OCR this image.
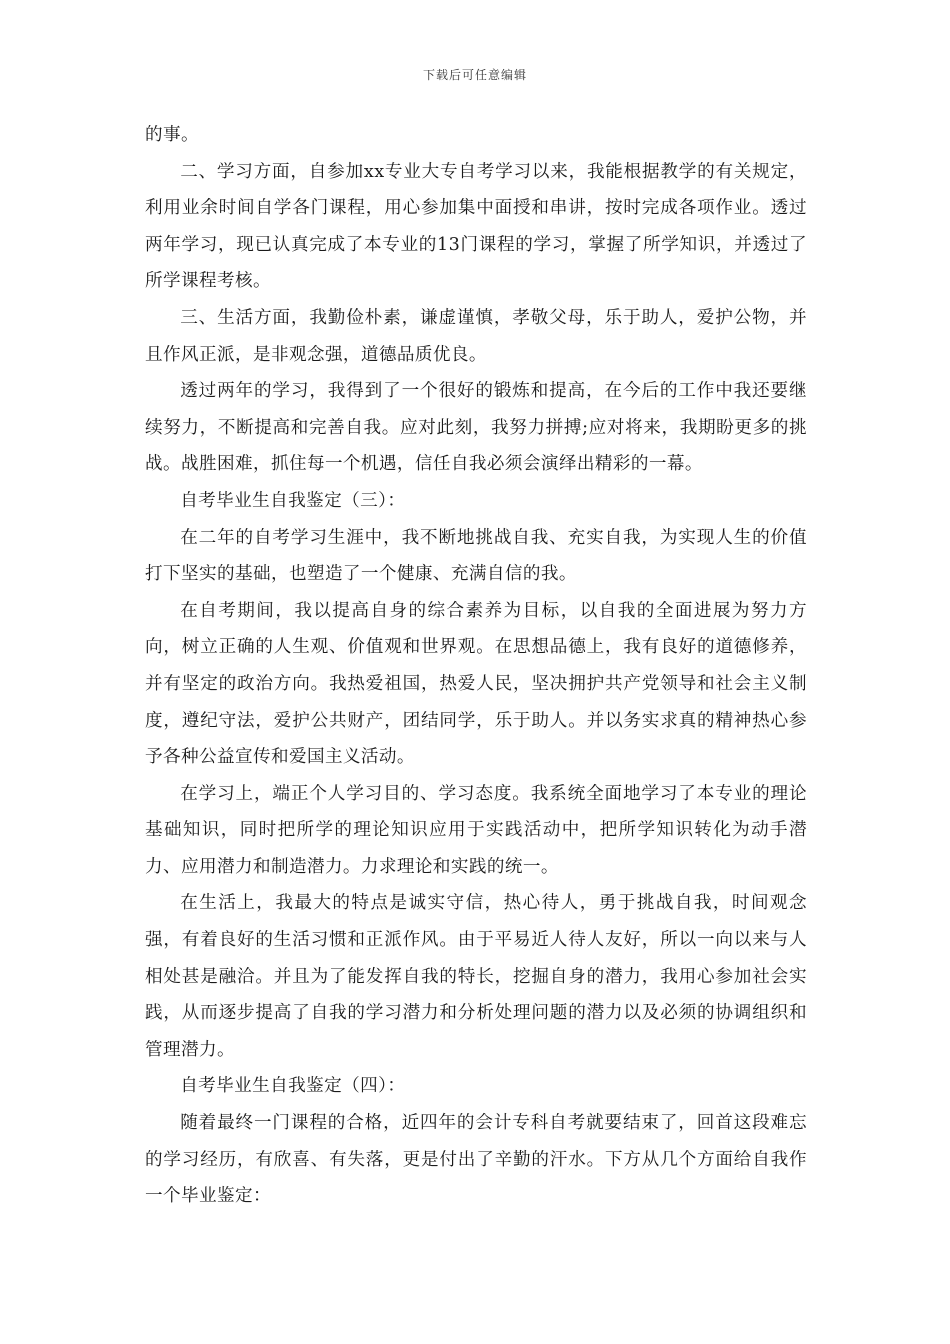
下载后可任意编辑

的事。

二、学习方面，自参加xx专业大专自考学习以来，我能根据教学的有关规定，利用业余时间自学各门课程，用心参加集中面授和串讲，按时完成各项作业。透过两年学习，现已认真完成了本专业的13门课程的学习，掌握了所学知识，并透过了所学课程考核。

三、生活方面，我勤俭朴素，谦虚谨慎，孝敬父母，乐于助人，爱护公物，并且作风正派，是非观念强，道德品质优良。

透过两年的学习，我得到了一个很好的锻炼和提高，在今后的工作中我还要继续努力，不断提高和完善自我。应对此刻，我努力拼搏;应对将来，我期盼更多的挑战。战胜困难，抓住每一个机遇，信任自我必须会演绎出精彩的一幕。

自考毕业生自我鉴定（三）：

在二年的自考学习生涯中，我不断地挑战自我、充实自我，为实现人生的价值打下坚实的基础，也塑造了一个健康、充满自信的我。

在自考期间，我以提高自身的综合素养为目标，以自我的全面进展为努力方向，树立正确的人生观、价值观和世界观。在思想品德上，我有良好的道德修养，并有坚定的政治方向。我热爱祖国，热爱人民，坚决拥护共产党领导和社会主义制度，遵纪守法，爱护公共财产，团结同学，乐于助人。并以务实求真的精神热心参予各种公益宣传和爱国主义活动。

在学习上，端正个人学习目的、学习态度。我系统全面地学习了本专业的理论基础知识，同时把所学的理论知识应用于实践活动中，把所学知识转化为动手潜力、应用潜力和制造潜力。力求理论和实践的统一。

在生活上，我最大的特点是诚实守信，热心待人，勇于挑战自我，时间观念强，有着良好的生活习惯和正派作风。由于平易近人待人友好，所以一向以来与人相处甚是融洽。并且为了能发挥自我的特长，挖掘自身的潜力，我用心参加社会实践，从而逐步提高了自我的学习潜力和分析处理问题的潜力以及必须的协调组织和管理潜力。

自考毕业生自我鉴定（四）：

随着最终一门课程的合格，近四年的会计专科自考就要结束了，回首这段难忘的学习经历，有欣喜、有失落，更是付出了辛勤的汗水。下方从几个方面给自我作一个毕业鉴定：
